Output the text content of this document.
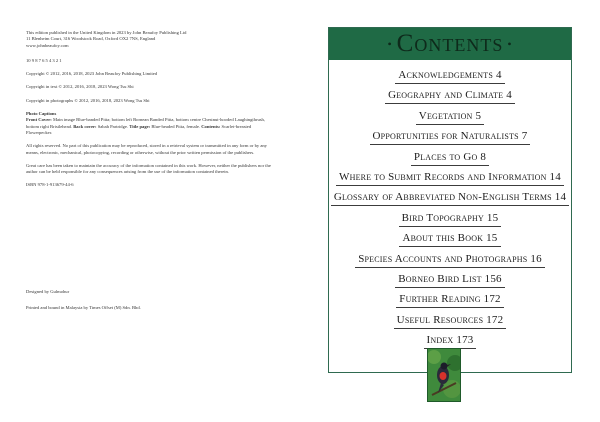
This edition published in the United Kingdom in 2023 by John Beaufoy Publishing Ltd
11 Blenheim Court, 316 Woodstock Road, Oxford OX2 7NS, England
www.johnbeaufoy.com

10 9 8 7 6 5 4 3 2 1

Copyright © 2012, 2016, 2018, 2023 John Beaufoy Publishing Limited

Copyright in text © 2012, 2016, 2018, 2023 Wong Tsu Shi

Copyright in photographs © 2012, 2016, 2018, 2023 Wong Tsu Shi

Photo Captions
Front Cover: Main image Blue-banded Pitta; bottom left Bornean Banded Pitta, bottom centre Chestnut-hooded Laughingthrush, bottom right Bristlehead. Back cover: Sabah Partridge. Title page: Blue-headed Pitta, female. Contents: Scarlet-breasted Flowerpecker.

All rights reserved. No part of this publication may be reproduced, stored in a retrieval system or transmitted in any form or by any means, electronic, mechanical, photocopying, recording or otherwise, without the prior written permission of the publishers.

Great care has been taken to maintain the accuracy of the information contained in this work. However, neither the publishers nor the author can be held responsible for any consequences arising from the use of the information contained therein.

ISBN 978-1-913679-44-6

Designed by Gulmohur

Printed and bound in Malaysia by Times Offset (M) Sdn. Bhd.

• Contents •
Acknowledgements 4
Geography and Climate 4
Vegetation 5
Opportunities for Naturalists 7
Places to Go 8
Where to Submit Records and Information 14
Glossary of Abbreviated Non-English Terms 14
Bird Topography 15
About this Book 15
Species Accounts and Photographs 16
Borneo Bird List 156
Further Reading 172
Useful Resources 172
Index 173
